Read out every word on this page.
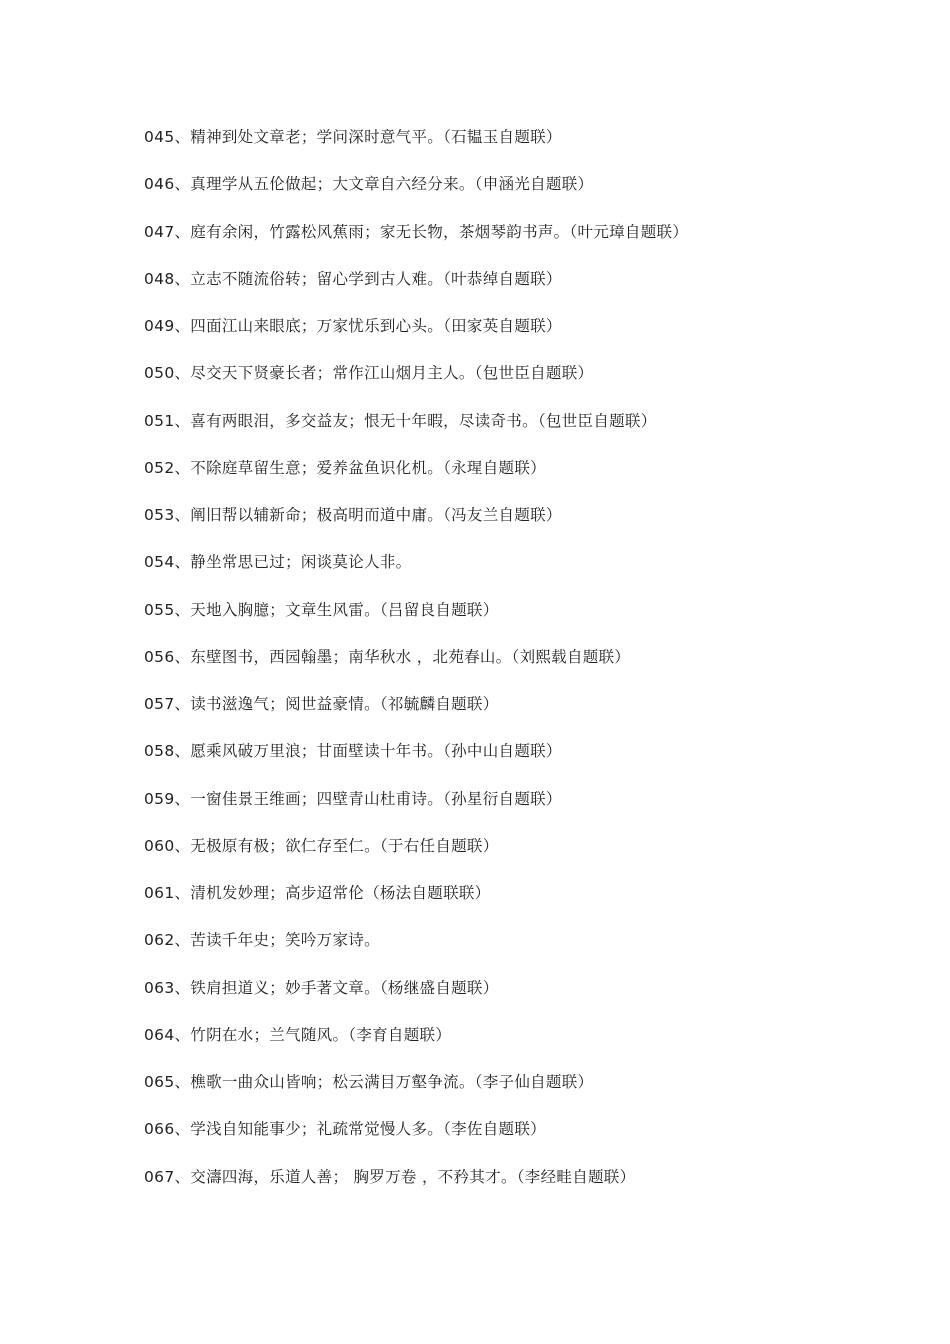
045、精神到处文章老；学问深时意气平。（石韫玉自题联）
046、真理学从五伦做起；大文章自六经分来。（申涵光自题联）
047、庭有余闲，竹露松风蕉雨；家无长物，茶烟琴韵书声。（叶元璋自题联）
048、立志不随流俗转；留心学到古人难。（叶恭绰自题联）
049、四面江山来眼底；万家忧乐到心头。（田家英自题联）
050、尽交天下贤豪长者；常作江山烟月主人。（包世臣自题联）
051、喜有两眼泪，多交益友；恨无十年暇，尽读奇书。（包世臣自题联）
052、不除庭草留生意；爱养盆鱼识化机。（永瑆自题联）
053、阐旧帮以辅新命；极高明而道中庸。（冯友兰自题联）
054、静坐常思已过；闲谈莫论人非。
055、天地入胸臆；文章生风雷。（吕留良自题联）
056、东壁图书，西园翰墨；南华秋水 ，北苑春山。（刘熙载自题联）
057、读书滋逸气；阅世益豪情。（祁毓麟自题联）
058、愿乘风破万里浪；甘面壁读十年书。（孙中山自题联）
059、一窗佳景王维画；四壁青山杜甫诗。（孙星衍自题联）
060、无极原有极；欲仁存至仁。（于右任自题联）
061、清机发妙理；高步迢常伦（杨法自题联联）
062、苦读千年史；笑吟万家诗。
063、铁肩担道义；妙手著文章。（杨继盛自题联）
064、竹阴在水；兰气随风。（李育自题联）
065、樵歌一曲众山皆响；松云满目万壑争流。（李子仙自题联）
066、学浅自知能事少；礼疏常觉慢人多。（李佐自题联）
067、交濤四海，乐道人善； 胸罗万卷 ，不矜其才。（李经畦自题联）
